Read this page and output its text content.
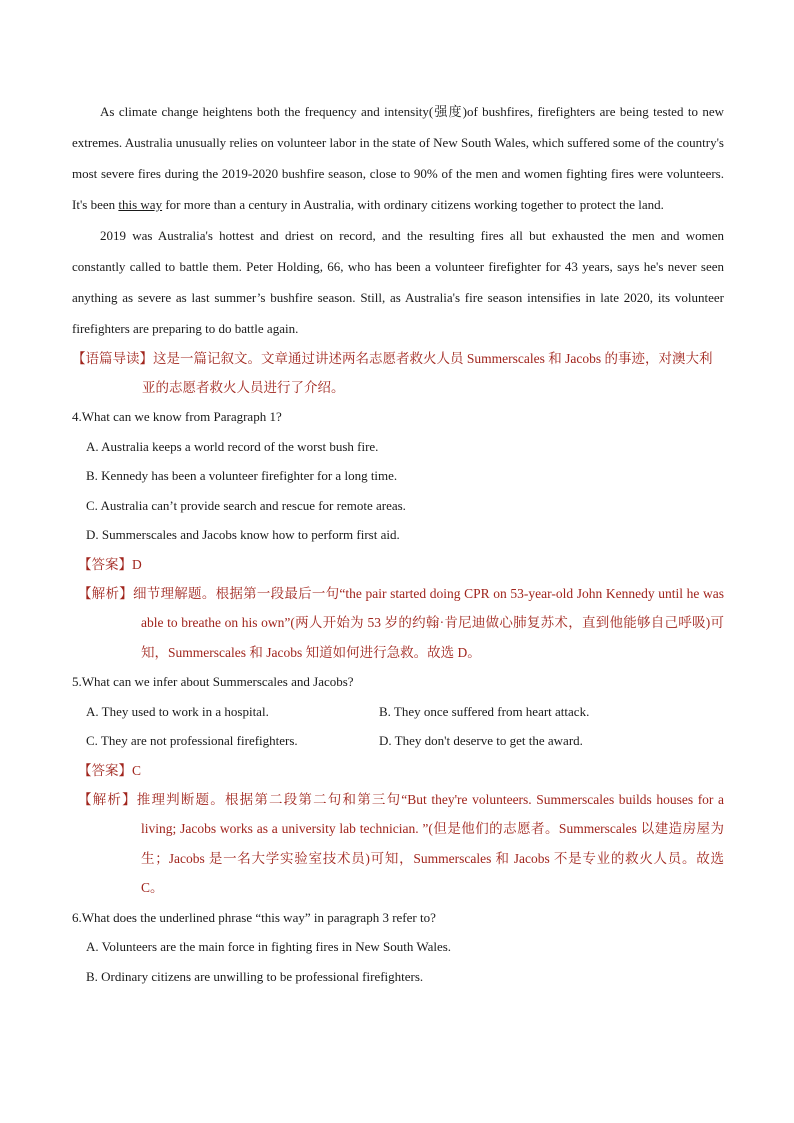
As climate change heightens both the frequency and intensity(强度)of bushfires, firefighters are being tested to new extremes. Australia unusually relies on volunteer labor in the state of New South Wales, which suffered some of the country's most severe fires during the 2019-2020 bushfire season, close to 90% of the men and women fighting fires were volunteers. It's been this way for more than a century in Australia, with ordinary citizens working together to protect the land.

2019 was Australia's hottest and driest on record, and the resulting fires all but exhausted the men and women constantly called to battle them. Peter Holding, 66, who has been a volunteer firefighter for 43 years, says he's never seen anything as severe as last summer’s bushfire season. Still, as Australia's fire season intensifies in late 2020, its volunteer firefighters are preparing to do battle again.

【语篇导读】这是一篇记叙文。文章通过讲述两名志愿者救火人员 Summerscales 和 Jacobs 的事迹，对澳大利亚的志愿者救火人员进行了介绍。

4.What can we know from Paragraph 1?

A. Australia keeps a world record of the worst bush fire.

B. Kennedy has been a volunteer firefighter for a long time.

C. Australia can’t provide search and rescue for remote areas.

D. Summerscales and Jacobs know how to perform first aid.

【答案】D

【解析】细节理解题。根据第一段最后一句“the pair started doing CPR on 53-year-old John Kennedy until he was able to breathe on his own”(两人开始为 53 岁的约翰·肯尼迪做心肺复苏术，直到他能够自己呼吸)可知，Summerscales 和 Jacobs 知道如何进行急救。故选 D。

5.What can we infer about Summerscales and Jacobs?

A. They used to work in a hospital.	B. They once suffered from heart attack.
C. They are not professional firefighters.	D. They don't deserve to get the award.

【答案】C

【解析】推理判断题。根据第二段第二句和第三句“But they're volunteers. Summerscales builds houses for a living; Jacobs works as a university lab technician. ”(但是他们的志愿者。Summerscales 以建造房屋为生；Jacobs 是一名大学实验室技术员)可知，Summerscales 和 Jacobs 不是专业的救火人员。故选 C。

6.What does the underlined phrase “this way” in paragraph 3 refer to?

A. Volunteers are the main force in fighting fires in New South Wales.

B. Ordinary citizens are unwilling to be professional firefighters.
